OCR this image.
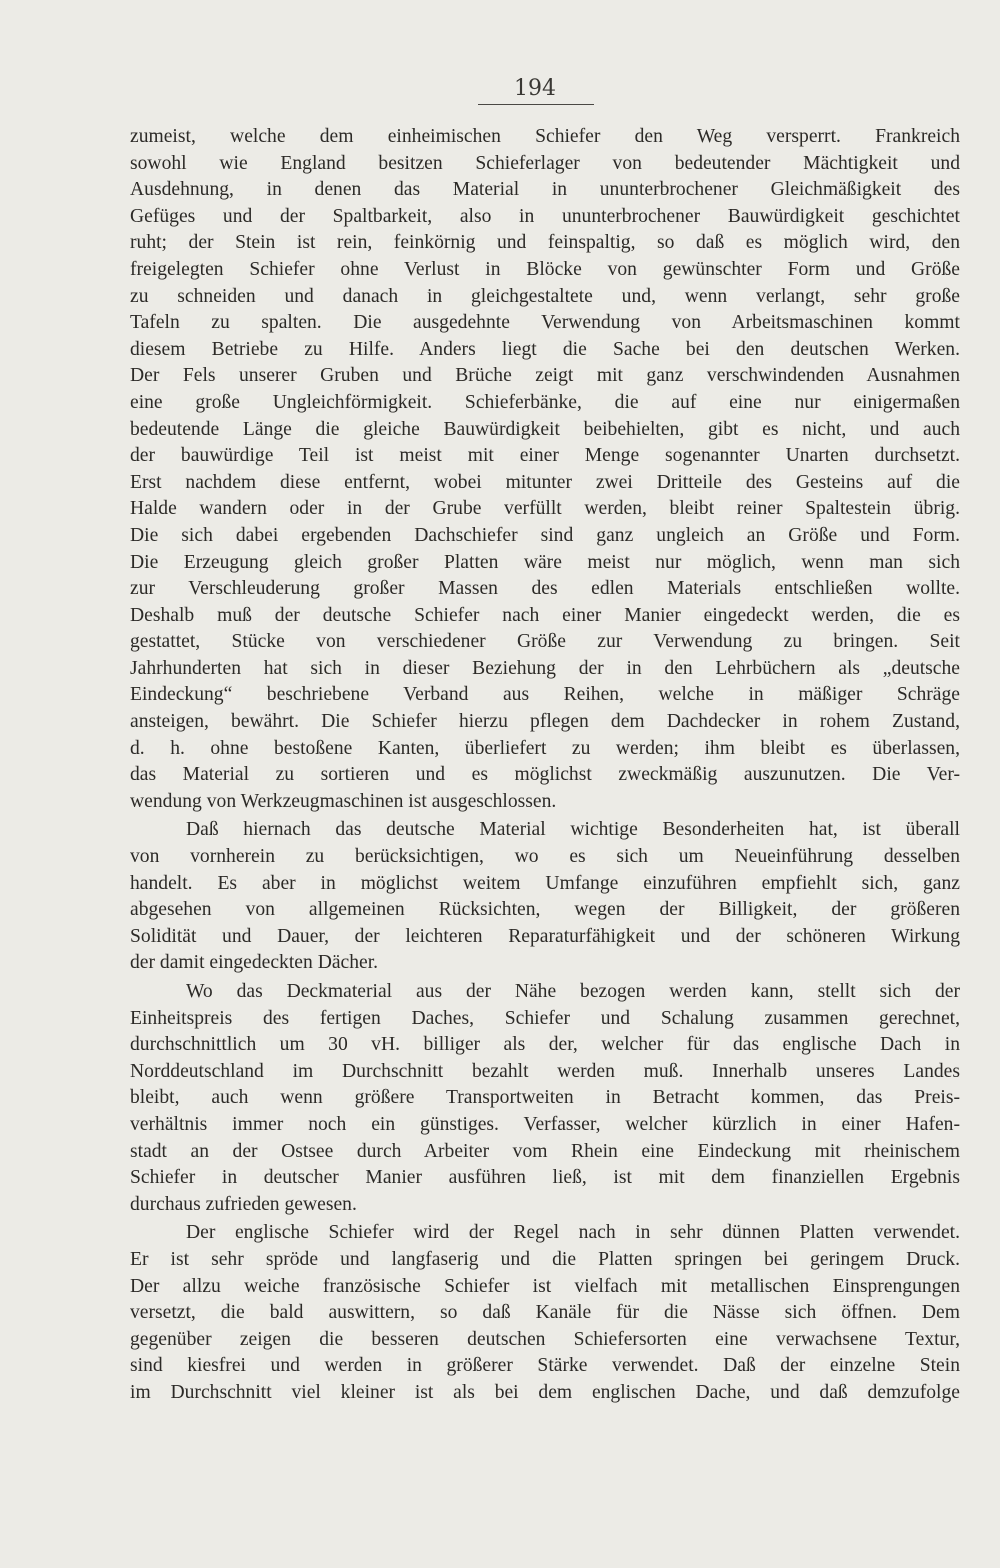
194
zumeist, welche dem einheimischen Schiefer den Weg versperrt. Frankreich
sowohl wie England besitzen Schieferlager von bedeutender Mächtigkeit und
Ausdehnung, in denen das Material in ununterbrochener Gleichmäßigkeit des
Gefüges und der Spaltbarkeit, also in ununterbrochener Bauwürdigkeit geschichtet
ruht; der Stein ist rein, feinkörnig und feinspaltig, so daß es möglich wird, den
freigelegten Schiefer ohne Verlust in Blöcke von gewünschter Form und Größe
zu schneiden und danach in gleichgestaltete und, wenn verlangt, sehr große
Tafeln zu spalten. Die ausgedehnte Verwendung von Arbeitsmaschinen kommt
diesem Betriebe zu Hilfe. Anders liegt die Sache bei den deutschen Werken.
Der Fels unserer Gruben und Brüche zeigt mit ganz verschwindenden Ausnahmen
eine große Ungleichförmigkeit. Schieferbänke, die auf eine nur einigermaßen
bedeutende Länge die gleiche Bauwürdigkeit beibehielten, gibt es nicht, und auch
der bauwürdige Teil ist meist mit einer Menge sogenannter Unarten durchsetzt.
Erst nachdem diese entfernt, wobei mitunter zwei Dritteile des Gesteins auf die
Halde wandern oder in der Grube verfüllt werden, bleibt reiner Spaltestein übrig.
Die sich dabei ergebenden Dachschiefer sind ganz ungleich an Größe und Form.
Die Erzeugung gleich großer Platten wäre meist nur möglich, wenn man sich
zur Verschleuderung großer Massen des edlen Materials entschließen wollte.
Deshalb muß der deutsche Schiefer nach einer Manier eingedeckt werden, die es
gestattet, Stücke von verschiedener Größe zur Verwendung zu bringen. Seit
Jahrhunderten hat sich in dieser Beziehung der in den Lehrbüchern als „deutsche
Eindeckung“ beschriebene Verband aus Reihen, welche in mäßiger Schräge
ansteigen, bewährt. Die Schiefer hierzu pflegen dem Dachdecker in rohem Zustand,
d. h. ohne bestoßene Kanten, überliefert zu werden; ihm bleibt es überlassen,
das Material zu sortieren und es möglichst zweckmäßig auszunutzen. Die Ver-
wendung von Werkzeugmaschinen ist ausgeschlossen.
Daß hiernach das deutsche Material wichtige Besonderheiten hat, ist überall
von vornherein zu berücksichtigen, wo es sich um Neueinführung desselben
handelt. Es aber in möglichst weitem Umfange einzuführen empfiehlt sich, ganz
abgesehen von allgemeinen Rücksichten, wegen der Billigkeit, der größeren
Solidität und Dauer, der leichteren Reparaturfähigkeit und der schöneren Wirkung
der damit eingedeckten Dächer.
Wo das Deckmaterial aus der Nähe bezogen werden kann, stellt sich der
Einheitspreis des fertigen Daches, Schiefer und Schalung zusammen gerechnet,
durchschnittlich um 30 vH. billiger als der, welcher für das englische Dach in
Norddeutschland im Durchschnitt bezahlt werden muß. Innerhalb unseres Landes
bleibt, auch wenn größere Transportweiten in Betracht kommen, das Preis-
verhältnis immer noch ein günstiges. Verfasser, welcher kürzlich in einer Hafen-
stadt an der Ostsee durch Arbeiter vom Rhein eine Eindeckung mit rheinischem
Schiefer in deutscher Manier ausführen ließ, ist mit dem finanziellen Ergebnis
durchaus zufrieden gewesen.
Der englische Schiefer wird der Regel nach in sehr dünnen Platten verwendet.
Er ist sehr spröde und langfaserig und die Platten springen bei geringem Druck.
Der allzu weiche französische Schiefer ist vielfach mit metallischen Einsprengungen
versetzt, die bald auswittern, so daß Kanäle für die Nässe sich öffnen. Dem
gegenüber zeigen die besseren deutschen Schiefersorten eine verwachsene Textur,
sind kiesfrei und werden in größerer Stärke verwendet. Daß der einzelne Stein
im Durchschnitt viel kleiner ist als bei dem englischen Dache, und daß demzufolge
